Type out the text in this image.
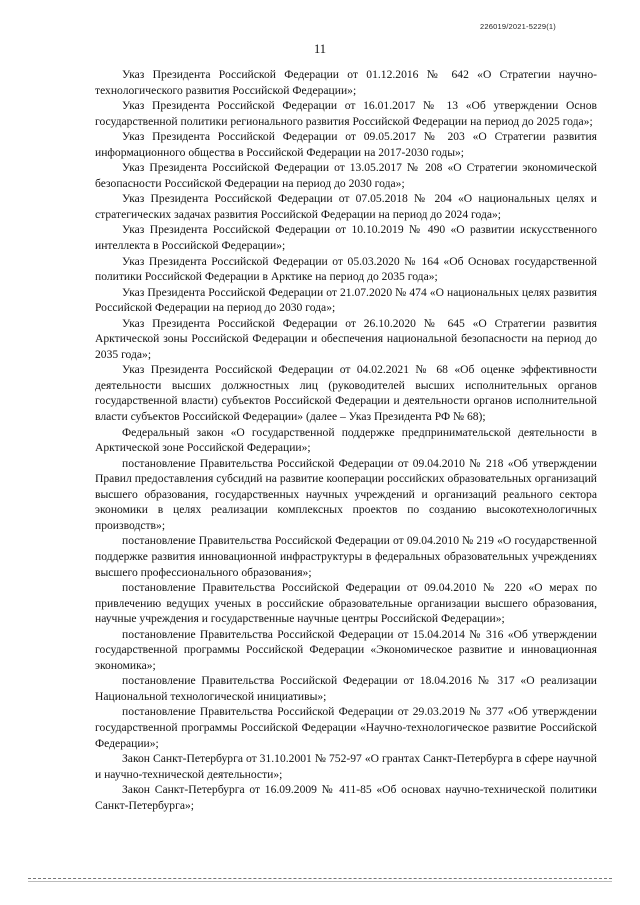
226019/2021-5229(1)
11

Указ Президента Российской Федерации от 01.12.2016 № 642 «О Стратегии научно-технологического развития Российской Федерации»;

Указ Президента Российской Федерации от 16.01.2017 № 13 «Об утверждении Основ государственной политики регионального развития Российской Федерации на период до 2025 года»;

Указ Президента Российской Федерации от 09.05.2017 № 203 «О Стратегии развития информационного общества в Российской Федерации на 2017-2030 годы»;

Указ Президента Российской Федерации от 13.05.2017 № 208 «О Стратегии экономической безопасности Российской Федерации на период до 2030 года»;

Указ Президента Российской Федерации от 07.05.2018 № 204 «О национальных целях и стратегических задачах развития Российской Федерации на период до 2024 года»;

Указ Президента Российской Федерации от 10.10.2019 № 490 «О развитии искусственного интеллекта в Российской Федерации»;

Указ Президента Российской Федерации от 05.03.2020 № 164 «Об Основах государственной политики Российской Федерации в Арктике на период до 2035 года»;

Указ Президента Российской Федерации от 21.07.2020 № 474 «О национальных целях развития Российской Федерации на период до 2030 года»;

Указ Президента Российской Федерации от 26.10.2020 № 645 «О Стратегии развития Арктической зоны Российской Федерации и обеспечения национальной безопасности на период до 2035 года»;

Указ Президента Российской Федерации от 04.02.2021 № 68 «Об оценке эффективности деятельности высших должностных лиц (руководителей высших исполнительных органов государственной власти) субъектов Российской Федерации и деятельности органов исполнительной власти субъектов Российской Федерации» (далее – Указ Президента РФ № 68);

Федеральный закон «О государственной поддержке предпринимательской деятельности в Арктической зоне Российской Федерации»;

постановление Правительства Российской Федерации от 09.04.2010 № 218 «Об утверждении Правил предоставления субсидий на развитие кооперации российских образовательных организаций высшего образования, государственных научных учреждений и организаций реального сектора экономики в целях реализации комплексных проектов по созданию высокотехнологичных производств»;

постановление Правительства Российской Федерации от 09.04.2010 № 219 «О государственной поддержке развития инновационной инфраструктуры в федеральных образовательных учреждениях высшего профессионального образования»;

постановление Правительства Российской Федерации от 09.04.2010 № 220 «О мерах по привлечению ведущих ученых в российские образовательные организации высшего образования, научные учреждения и государственные научные центры Российской Федерации»;

постановление Правительства Российской Федерации от 15.04.2014 № 316 «Об утверждении государственной программы Российской Федерации «Экономическое развитие и инновационная экономика»;

постановление Правительства Российской Федерации от 18.04.2016 № 317 «О реализации Национальной технологической инициативы»;

постановление Правительства Российской Федерации от 29.03.2019 № 377 «Об утверждении государственной программы Российской Федерации «Научно-технологическое развитие Российской Федерации»;

Закон Санкт-Петербурга от 31.10.2001 № 752-97 «О грантах Санкт-Петербурга в сфере научной и научно-технической деятельности»;

Закон Санкт-Петербурга от 16.09.2009 № 411-85 «Об основах научно-технической политики Санкт-Петербурга»;
